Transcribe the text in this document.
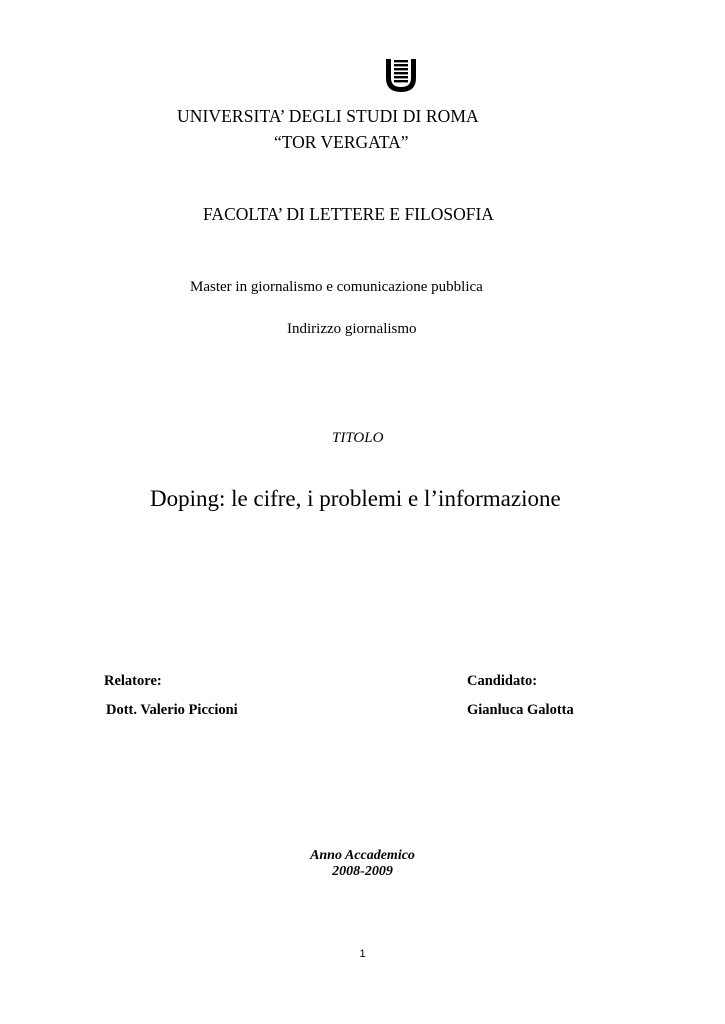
UNIVERSITA’ DEGLI STUDI DI ROMA
“TOR VERGATA”
FACOLTA’ DI LETTERE E FILOSOFIA
Master in giornalismo e comunicazione pubblica
Indirizzo giornalismo
TITOLO
Doping: le cifre, i problemi e l’informazione
Relatore:
Dott. Valerio Piccioni
Candidato:
Gianluca Galotta
Anno Accademico
2008-2009
1
